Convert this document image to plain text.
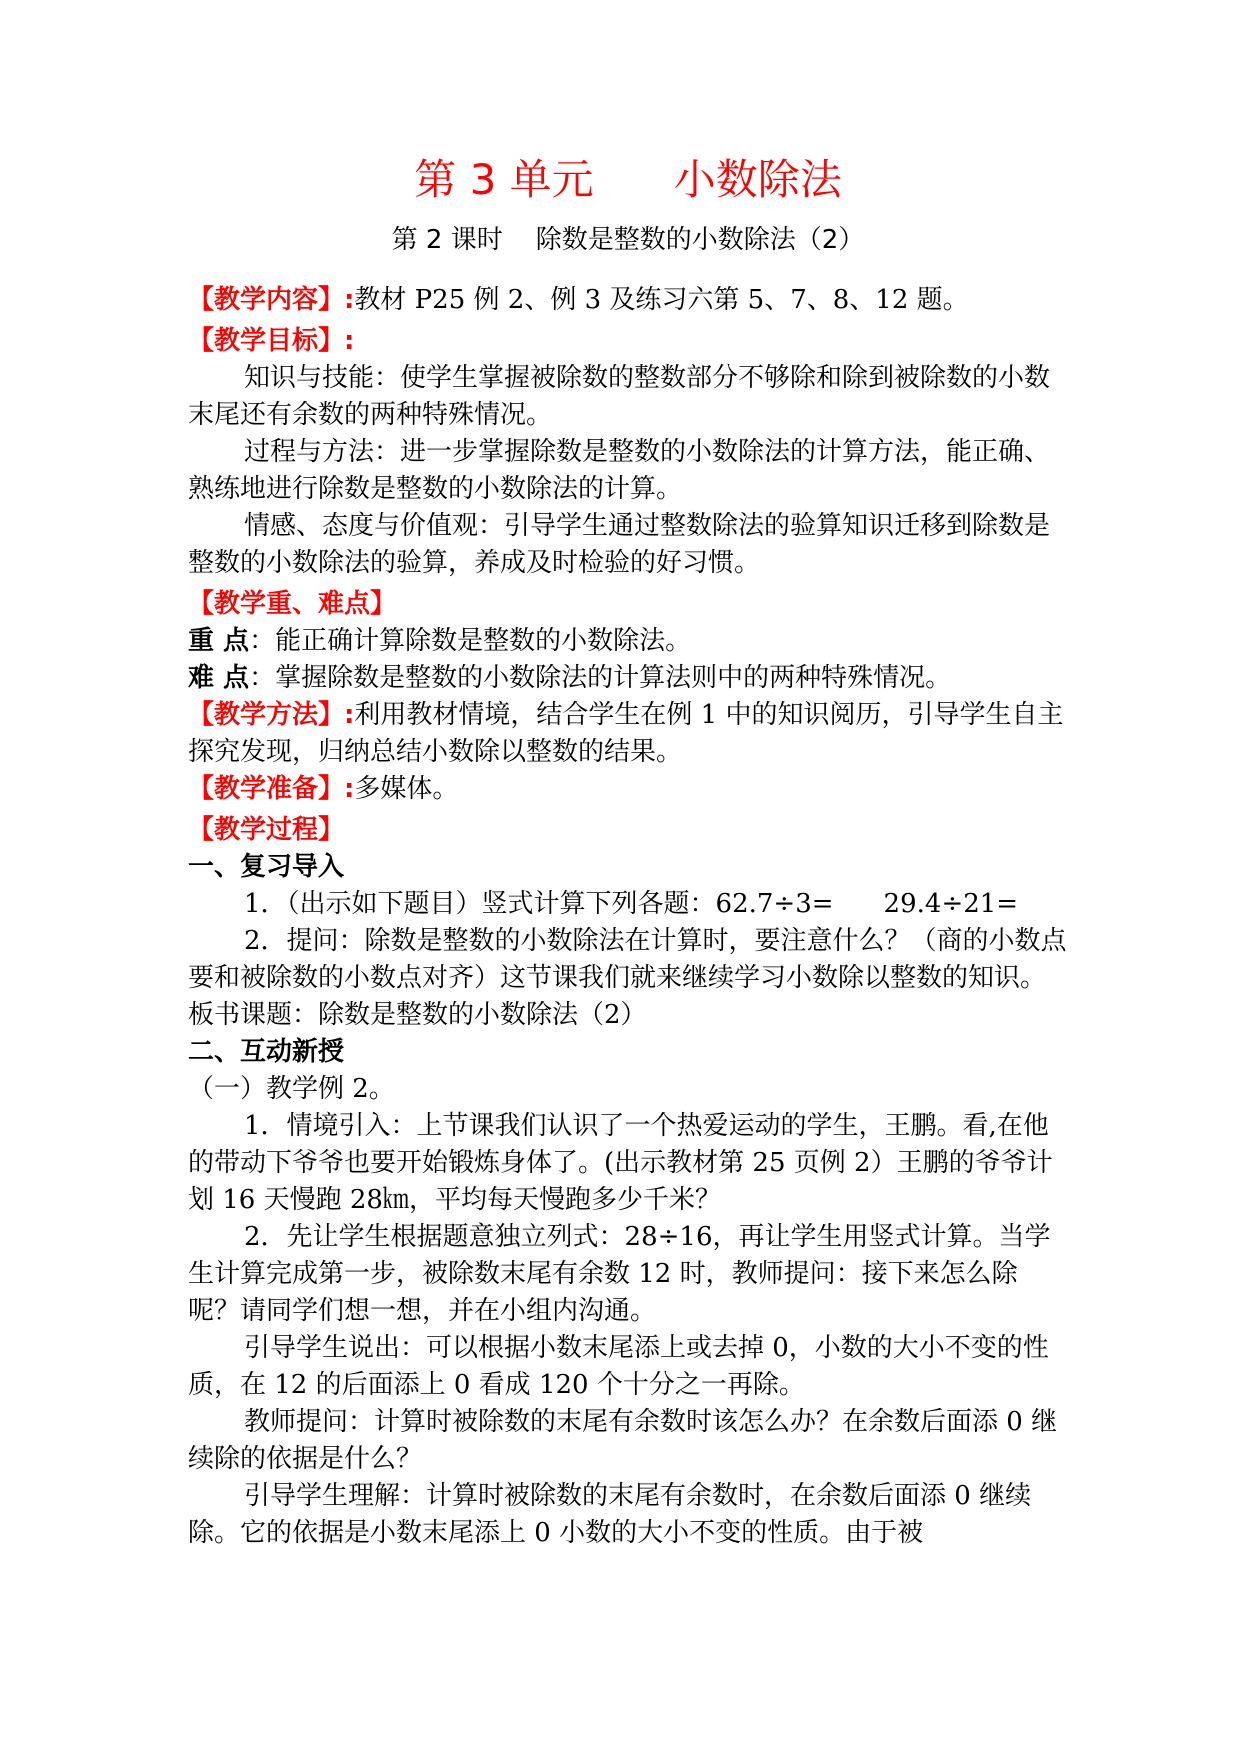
第 3 单元      小数除法
第 2 课时    除数是整数的小数除法（2）

【教学内容】:教材 P25 例 2、例 3 及练习六第 5、7、8、12 题。

【教学目标】:

知识与技能：使学生掌握被除数的整数部分不够除和除到被除数的小数末尾还有余数的两种特殊情况。

过程与方法：进一步掌握除数是整数的小数除法的计算方法，能正确、熟练地进行除数是整数的小数除法的计算。

情感、态度与价值观：引导学生通过整数除法的验算知识迁移到除数是整数的小数除法的验算，养成及时检验的好习惯。

【教学重、难点】

重 点：能正确计算除数是整数的小数除法。

难 点：掌握除数是整数的小数除法的计算法则中的两种特殊情况。

【教学方法】:利用教材情境，结合学生在例 1 中的知识阅历，引导学生自主探究发现，归纳总结小数除以整数的结果。

【教学准备】:多媒体。

【教学过程】

一、复习导入

1．（出示如下题目）竖式计算下列各题：62.7÷3= 29.4÷21=

2．提问：除数是整数的小数除法在计算时，要注意什么？（商的小数点要和被除数的小数点对齐）这节课我们就来继续学习小数除以整数的知识。板书课题：除数是整数的小数除法（2）

二、互动新授

（一）教学例 2。

1．情境引入：上节课我们认识了一个热爱运动的学生，王鹏。看,在他的带动下爷爷也要开始锻炼身体了。(出示教材第 25 页例 2）王鹏的爷爷计划 16 天慢跑 28㎞，平均每天慢跑多少千米？

2．先让学生根据题意独立列式：28÷16，再让学生用竖式计算。当学生计算完成第一步，被除数末尾有余数 12 时，教师提问：接下来怎么除呢？请同学们想一想，并在小组内沟通。

引导学生说出：可以根据小数末尾添上或去掉 0，小数的大小不变的性质，在 12 的后面添上 0 看成 120 个十分之一再除。

教师提问：计算时被除数的末尾有余数时该怎么办？在余数后面添 0 继续除的依据是什么？

引导学生理解：计算时被除数的末尾有余数时，在余数后面添 0 继续除。它的依据是小数末尾添上 0 小数的大小不变的性质。由于被
